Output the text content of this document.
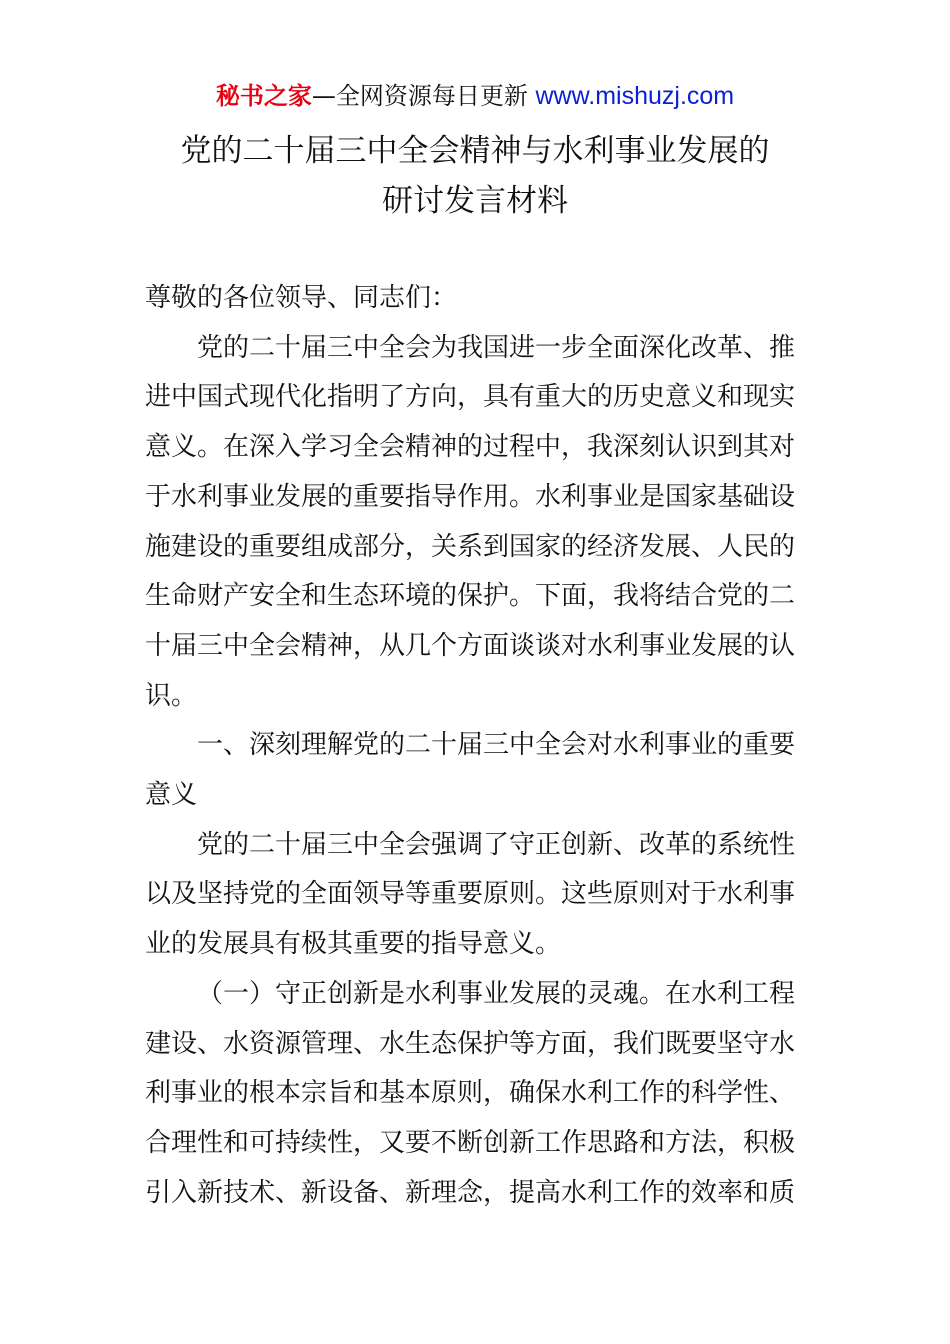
秘书之家—全网资源每日更新 www.mishuzj.com
党的二十届三中全会精神与水利事业发展的
研讨发言材料

尊敬的各位领导、同志们：

党的二十届三中全会为我国进一步全面深化改革、推
进中国式现代化指明了方向，具有重大的历史意义和现实
意义。在深入学习全会精神的过程中，我深刻认识到其对
于水利事业发展的重要指导作用。水利事业是国家基础设
施建设的重要组成部分，关系到国家的经济发展、人民的
生命财产安全和生态环境的保护。下面，我将结合党的二
十届三中全会精神，从几个方面谈谈对水利事业发展的认
识。

一、深刻理解党的二十届三中全会对水利事业的重要
意义

党的二十届三中全会强调了守正创新、改革的系统性
以及坚持党的全面领导等重要原则。这些原则对于水利事
业的发展具有极其重要的指导意义。

（一）守正创新是水利事业发展的灵魂。在水利工程
建设、水资源管理、水生态保护等方面，我们既要坚守水
利事业的根本宗旨和基本原则，确保水利工作的科学性、
合理性和可持续性，又要不断创新工作思路和方法，积极
引入新技术、新设备、新理念，提高水利工作的效率和质
